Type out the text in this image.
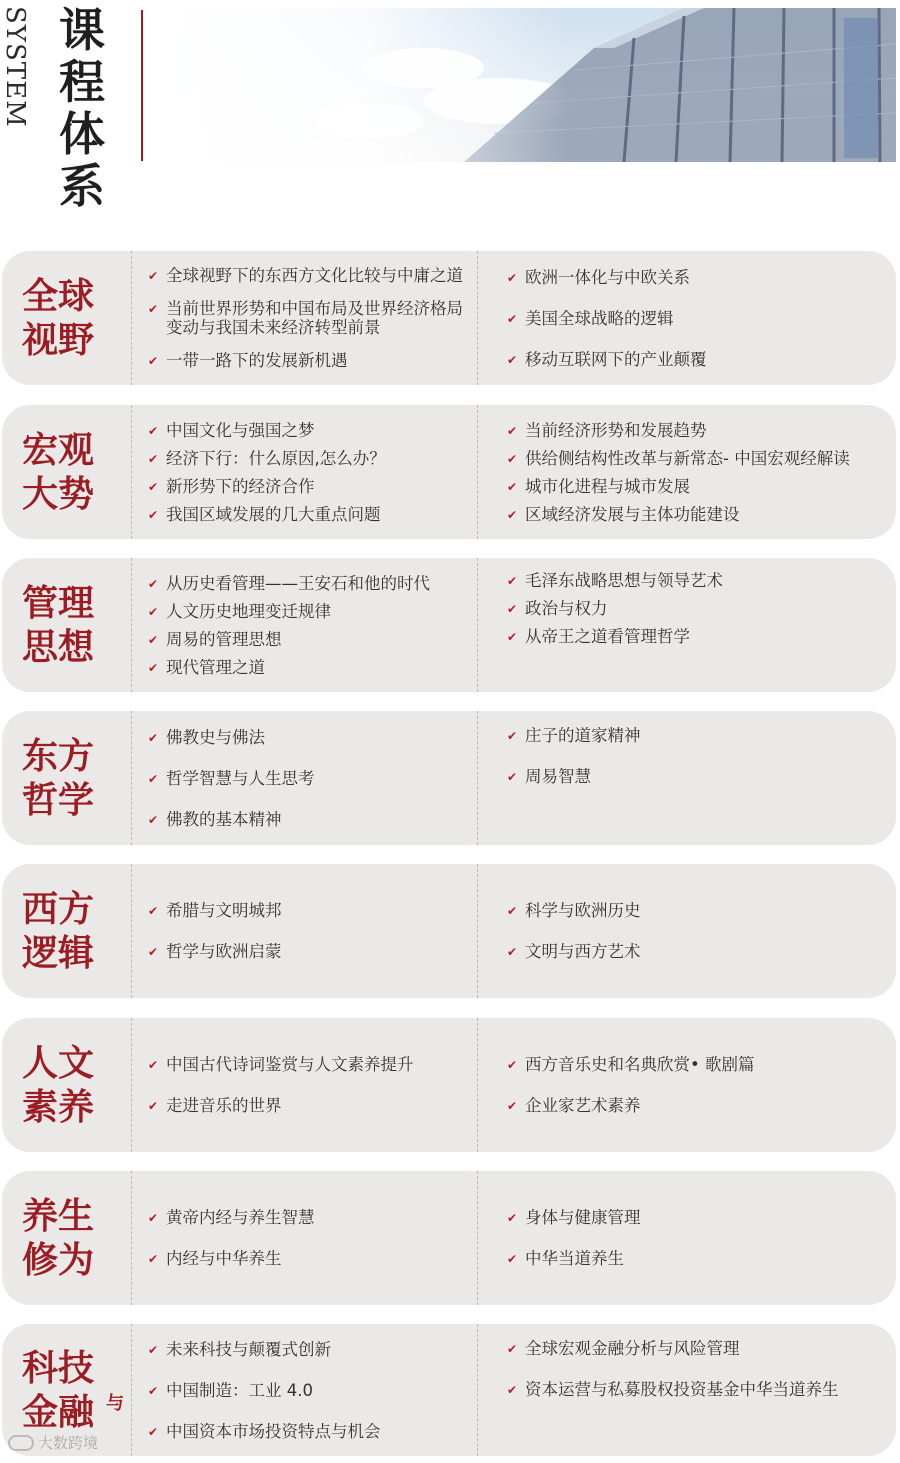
SYSTEM 课
程
体
系
全球
视野
✔ 全球视野下的东西方文化比较与中庸之道
✔ 当前世界形势和中国布局及世界经济格局变动与我国未来经济转型前景
✔ 一带一路下的发展新机遇
✔ 欧洲一体化与中欧关系
✔ 美国全球战略的逻辑
✔ 移动互联网下的产业颠覆
宏观
大势
✔ 中国文化与强国之梦
✔ 经济下行：什么原因,怎么办？
✔ 新形势下的经济合作
✔ 我国区域发展的几大重点问题
✔ 当前经济形势和发展趋势
✔ 供给侧结构性改革与新常态- 中国宏观经解读
✔ 城市化进程与城市发展
✔ 区域经济发展与主体功能建设
管理
思想
✔ 从历史看管理——王安石和他的时代
✔ 人文历史地理变迁规律
✔ 周易的管理思想
✔ 现代管理之道
✔ 毛泽东战略思想与领导艺术
✔ 政治与权力
✔ 从帝王之道看管理哲学
东方
哲学
✔ 佛教史与佛法
✔ 哲学智慧与人生思考
✔ 佛教的基本精神
✔ 庄子的道家精神
✔ 周易智慧
西方
逻辑
✔ 希腊与文明城邦
✔ 哲学与欧洲启蒙
✔ 科学与欧洲历史
✔ 文明与西方艺术
人文
素养
✔ 中国古代诗词鉴赏与人文素养提升
✔ 走进音乐的世界
✔ 西方音乐史和名典欣赏• 歌剧篇
✔ 企业家艺术素养
养生
修为
✔ 黄帝内经与养生智慧
✔ 内经与中华养生
✔ 身体与健康管理
✔ 中华当道养生
科技
金融 与
✔ 未来科技与颠覆式创新
✔ 中国制造：工业 4.0
✔ 中国资本市场投资特点与机会
✔ 全球宏观金融分析与风险管理
✔ 资本运营与私募股权投资基金中华当道养生
大数跨境
